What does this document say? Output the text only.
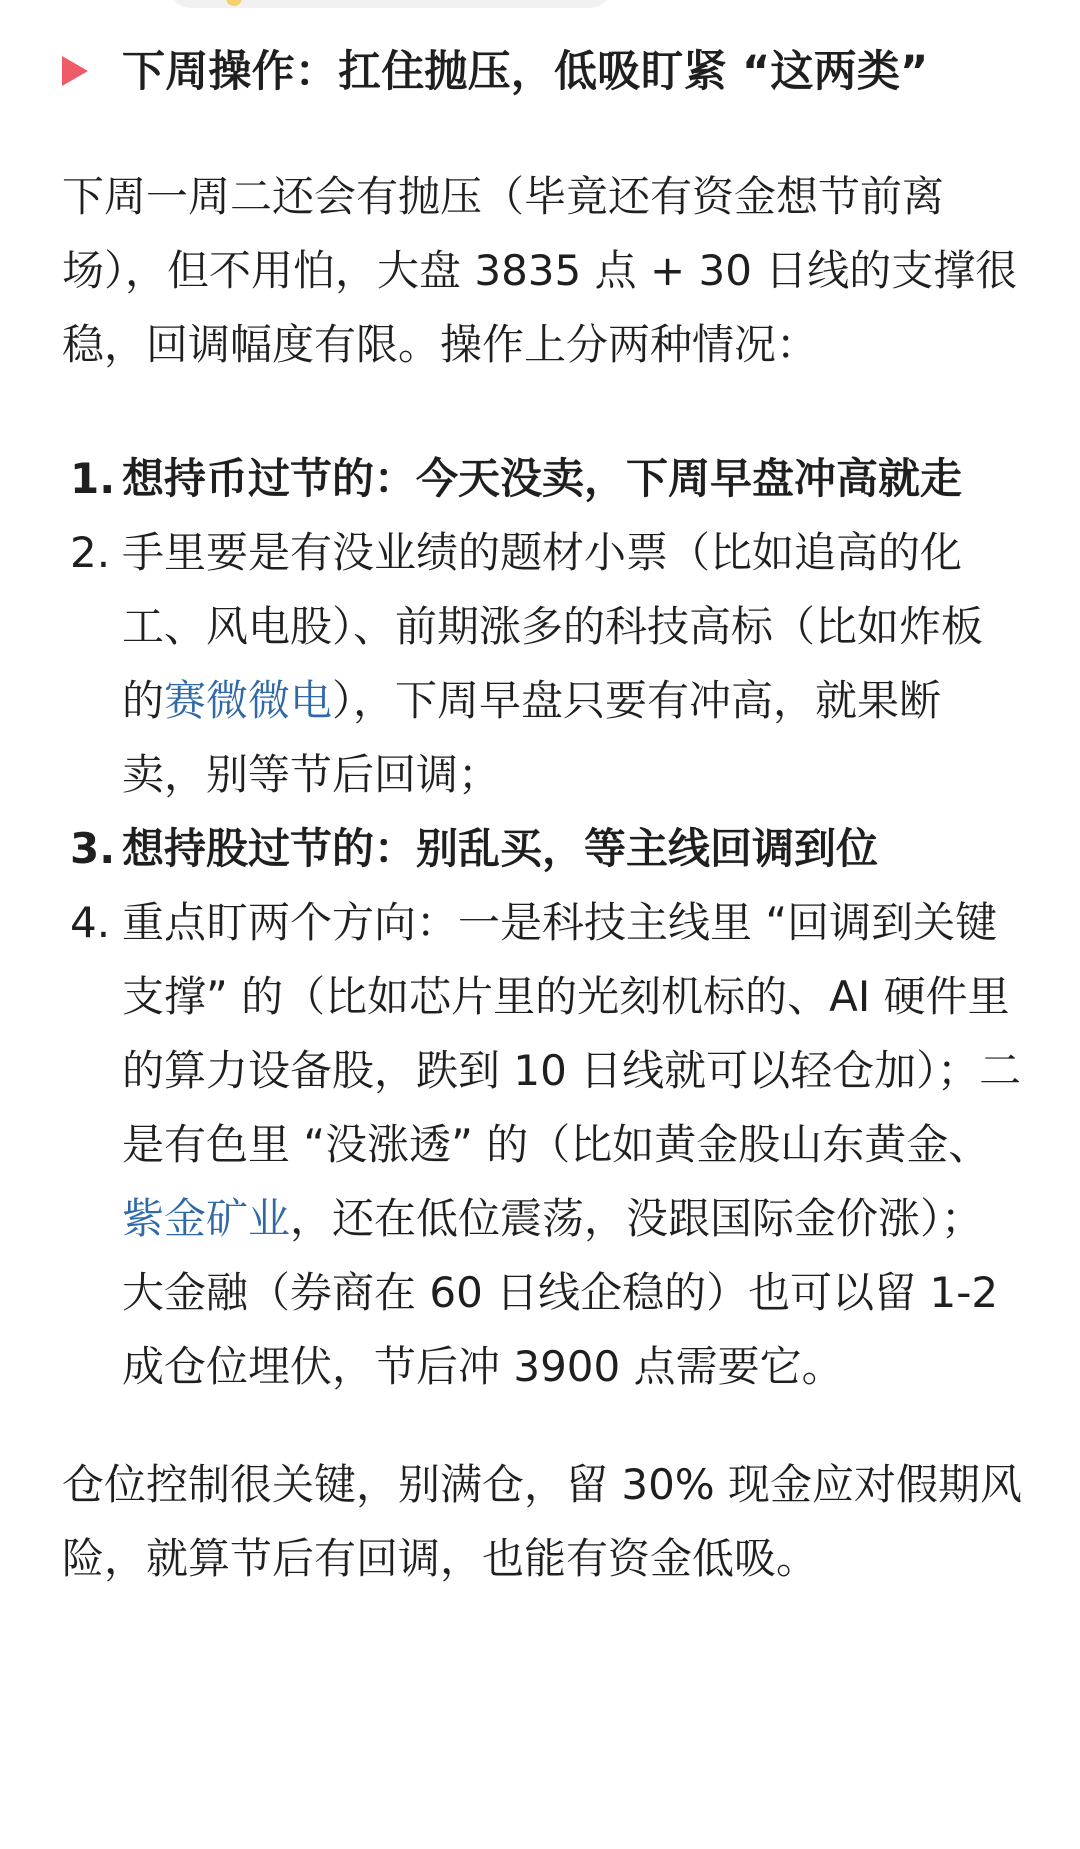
下周操作：扛住抛压，低吸盯紧 “这两类”

下周一周二还会有抛压（毕竟还有资金想节前离场），但不用怕，大盘 3835 点 + 30 日线的支撑很稳，回调幅度有限。操作上分两种情况：

1. 想持币过节的：今天没卖，下周早盘冲高就走
2. 手里要是有没业绩的题材小票（比如追高的化工、风电股）、前期涨多的科技高标（比如炸板的赛微微电），下周早盘只要有冲高，就果断卖，别等节后回调；
3. 想持股过节的：别乱买，等主线回调到位
4. 重点盯两个方向：一是科技主线里 “回调到关键支撑” 的（比如芯片里的光刻机标的、AI 硬件里的算力设备股，跌到 10 日线就可以轻仓加）；二是有色里 “没涨透” 的（比如黄金股山东黄金、紫金矿业，还在低位震荡，没跟国际金价涨）；大金融（券商在 60 日线企稳的）也可以留 1-2 成仓位埋伏，节后冲 3900 点需要它。

仓位控制很关键，别满仓，留 30% 现金应对假期风险，就算节后有回调，也能有资金低吸。
